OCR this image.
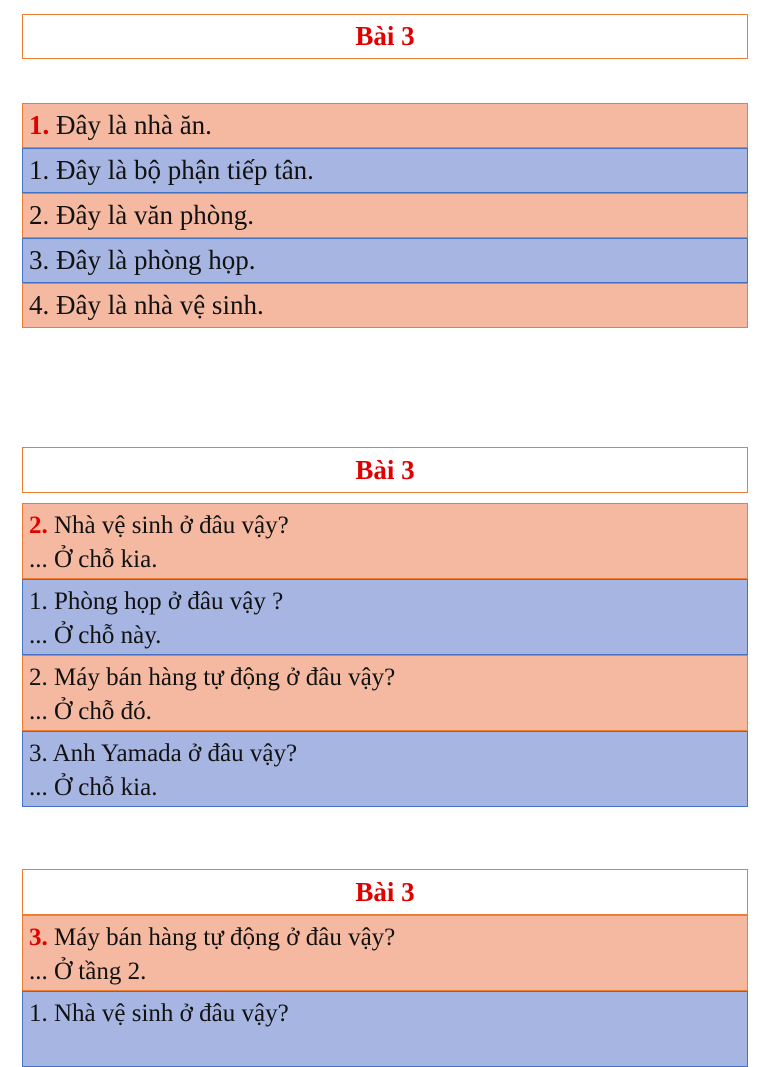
Bài 3
1. Đây là nhà ăn.
1. Đây là bộ phận tiếp tân.
2. Đây là văn phòng.
3. Đây là phòng họp.
4. Đây là nhà vệ sinh.
Bài 3
2. Nhà vệ sinh ở đâu vậy?
... Ở chỗ kia.
1. Phòng họp ở đâu vậy ?
... Ở chỗ này.
2. Máy bán hàng tự động ở đâu vậy?
... Ở chỗ đó.
3. Anh Yamada ở đâu vậy?
... Ở chỗ kia.
Bài 3
3. Máy bán hàng tự động ở đâu vậy?
... Ở tầng 2.
1. Nhà vệ sinh ở đâu vậy?
